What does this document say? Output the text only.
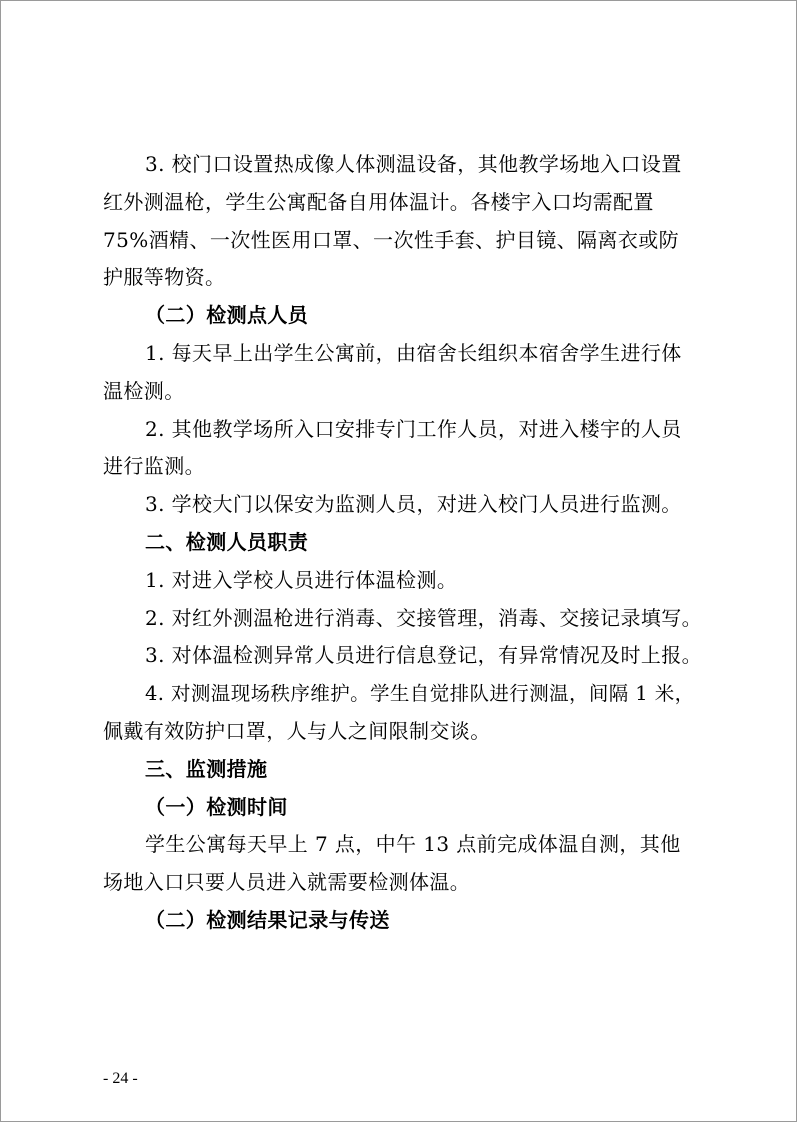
3. 校门口设置热成像人体测温设备，其他教学场地入口设置

红外测温枪，学生公寓配备自用体温计。各楼宇入口均需配置

75%酒精、一次性医用口罩、一次性手套、护目镜、隔离衣或防

护服等物资。

（二）检测点人员

1. 每天早上出学生公寓前，由宿舍长组织本宿舍学生进行体

温检测。

2. 其他教学场所入口安排专门工作人员，对进入楼宇的人员

进行监测。

3. 学校大门以保安为监测人员，对进入校门人员进行监测。

二、检测人员职责

1. 对进入学校人员进行体温检测。

2. 对红外测温枪进行消毒、交接管理，消毒、交接记录填写。

3. 对体温检测异常人员进行信息登记，有异常情况及时上报。

4. 对测温现场秩序维护。学生自觉排队进行测温，间隔 1 米，

佩戴有效防护口罩，人与人之间限制交谈。

三、监测措施

（一）检测时间

学生公寓每天早上 7 点，中午 13 点前完成体温自测，其他

场地入口只要人员进入就需要检测体温。

（二）检测结果记录与传送

- 24 -
